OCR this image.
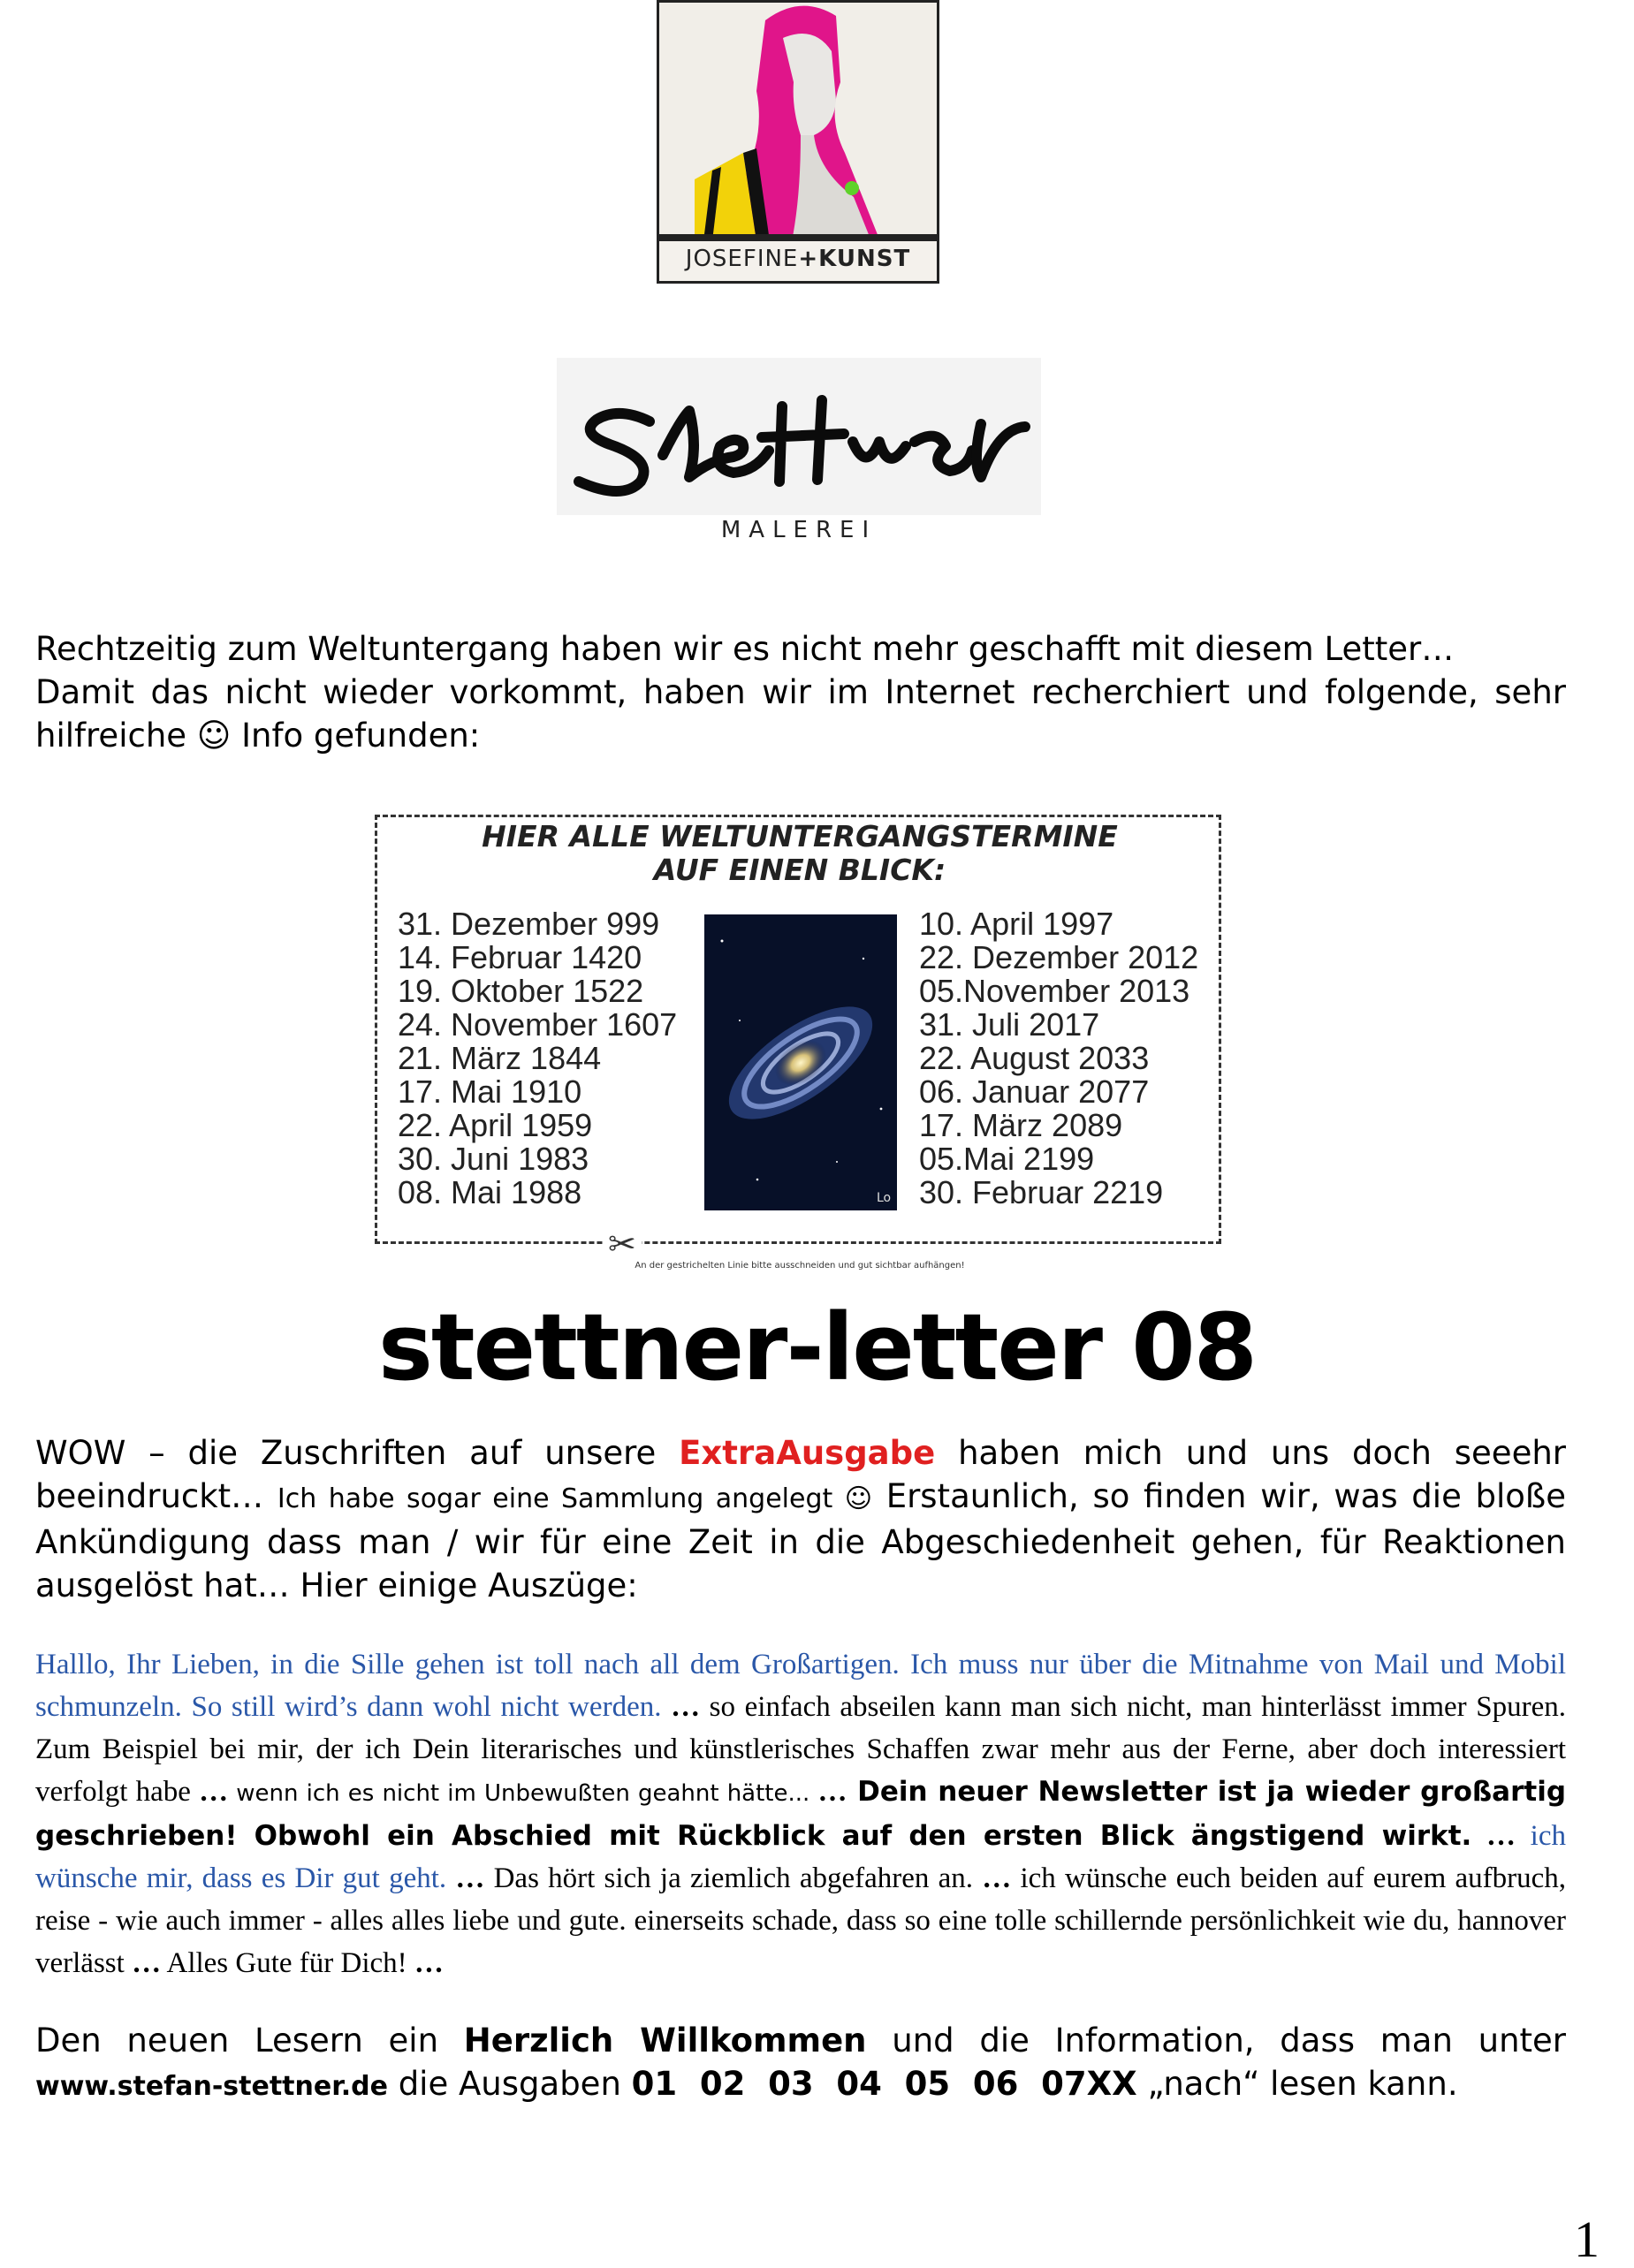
JOSEFINE+KUNST
MALEREI
Rechtzeitig zum Weltuntergang haben wir es nicht mehr geschafft mit diesem Letter…
Damit das nicht wieder vorkommt, haben wir im Internet recherchiert und folgende, sehr hilfreiche ☺ Info gefunden:
HIER ALLE WELTUNTERGANGSTERMINE
AUF EINEN BLICK:
31. Dezember 999
14. Februar 1420
19. Oktober 1522
24. November 1607
21. März 1844
17. Mai 1910
22. April 1959
30. Juni 1983
08. Mai 1988	Lo
10. April 1997
22. Dezember 2012
05.November 2013
31. Juli 2017
22. August 2033
06. Januar 2077
17. März 2089
05.Mai 2199
30. Februar 2219
✂
An der gestrichelten Linie bitte ausschneiden und gut sichtbar aufhängen!
stettner-letter 08
WOW – die Zuschriften auf unsere ExtraAusgabe haben mich und uns doch seeehr beeindruckt… Ich habe sogar eine Sammlung angelegt ☺ Erstaunlich, so finden wir, was die bloße Ankündigung dass man / wir für eine Zeit in die Abgeschiedenheit gehen, für Reaktionen ausgelöst hat… Hier einige Auszüge:
Halllo, Ihr Lieben, in die Sille gehen ist toll nach all dem Großartigen. Ich muss nur über die Mitnahme von Mail und Mobil schmunzeln. So still wird’s dann wohl nicht werden. … so einfach abseilen kann man sich nicht, man hinterlässt immer Spuren. Zum Beispiel bei mir, der ich Dein literarisches und künstlerisches Schaffen zwar mehr aus der Ferne, aber doch interessiert verfolgt habe … wenn ich es nicht im Unbewußten geahnt hätte... … Dein neuer Newsletter ist ja wieder großartig geschrieben! Obwohl ein Abschied mit Rückblick auf den ersten Blick ängstigend wirkt. … ich wünsche mir, dass es Dir gut geht. … Das hört sich ja ziemlich abgefahren an. … ich wünsche euch beiden auf eurem aufbruch, reise - wie auch immer - alles alles liebe und gute. einerseits schade, dass so eine tolle schillernde persönlichkeit wie du, hannover verlässt … Alles Gute für Dich! …
Den neuen Lesern ein Herzlich Willkommen und die Information, dass man unter
www.stefan-stettner.de die Ausgaben 01  02  03  04  05  06  07XX „nach“ lesen kann.
1
